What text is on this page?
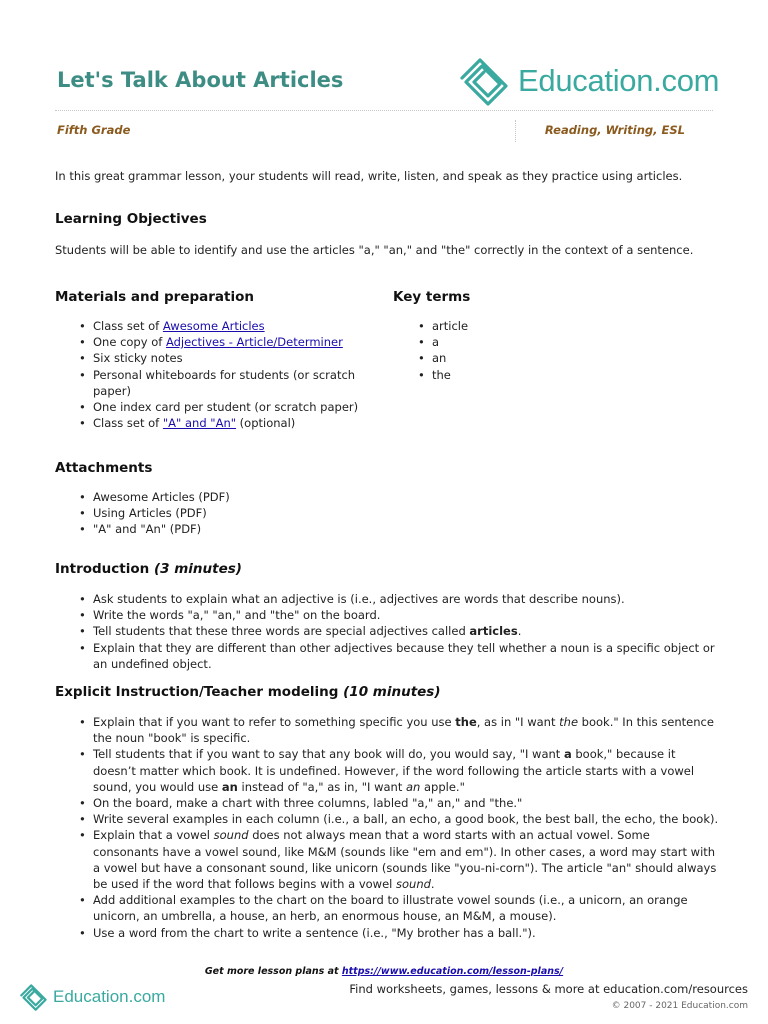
Let's Talk About Articles	Education.com
Fifth Grade	Reading, Writing, ESL

In this great grammar lesson, your students will read, write, listen, and speak as they practice using articles.

Learning Objectives

Students will be able to identify and use the articles "a," "an," and "the" correctly in the context of a sentence.

Materials and preparation
• Class set of Awesome Articles
• One copy of Adjectives - Article/Determiner
• Six sticky notes
• Personal whiteboards for students (or scratch paper)
• One index card per student (or scratch paper)
• Class set of "A" and "An" (optional)
Key terms
• article
• a
• an
• the
Attachments
• Awesome Articles (PDF)
• Using Articles (PDF)
• "A" and "An" (PDF)
Introduction (3 minutes)
• Ask students to explain what an adjective is (i.e., adjectives are words that describe nouns).
• Write the words "a," "an," and "the" on the board.
• Tell students that these three words are special adjectives called articles.
• Explain that they are different than other adjectives because they tell whether a noun is a specific object or an undefined object.
Explicit Instruction/Teacher modeling (10 minutes)
• Explain that if you want to refer to something specific you use the, as in "I want the book." In this sentence the noun "book" is specific.
• Tell students that if you want to say that any book will do, you would say, "I want a book," because it doesn’t matter which book. It is undefined. However, if the word following the article starts with a vowel sound, you would use an instead of "a," as in, "I want an apple."
• On the board, make a chart with three columns, labled "a," an," and "the."
• Write several examples in each column (i.e., a ball, an echo, a good book, the best ball, the echo, the book).
• Explain that a vowel sound does not always mean that a word starts with an actual vowel. Some consonants have a vowel sound, like M&M (sounds like "em and em"). In other cases, a word may start with a vowel but have a consonant sound, like unicorn (sounds like "you-ni-corn"). The article "an" should always be used if the word that follows begins with a vowel sound.
• Add additional examples to the chart on the board to illustrate vowel sounds (i.e., a unicorn, an orange unicorn, an umbrella, a house, an herb, an enormous house, an M&M, a mouse).
• Use a word from the chart to write a sentence (i.e., "My brother has a ball.").
Get more lesson plans at https://www.education.com/lesson-plans/
Education.com	Find worksheets, games, lessons & more at education.com/resources
© 2007 - 2021 Education.com
